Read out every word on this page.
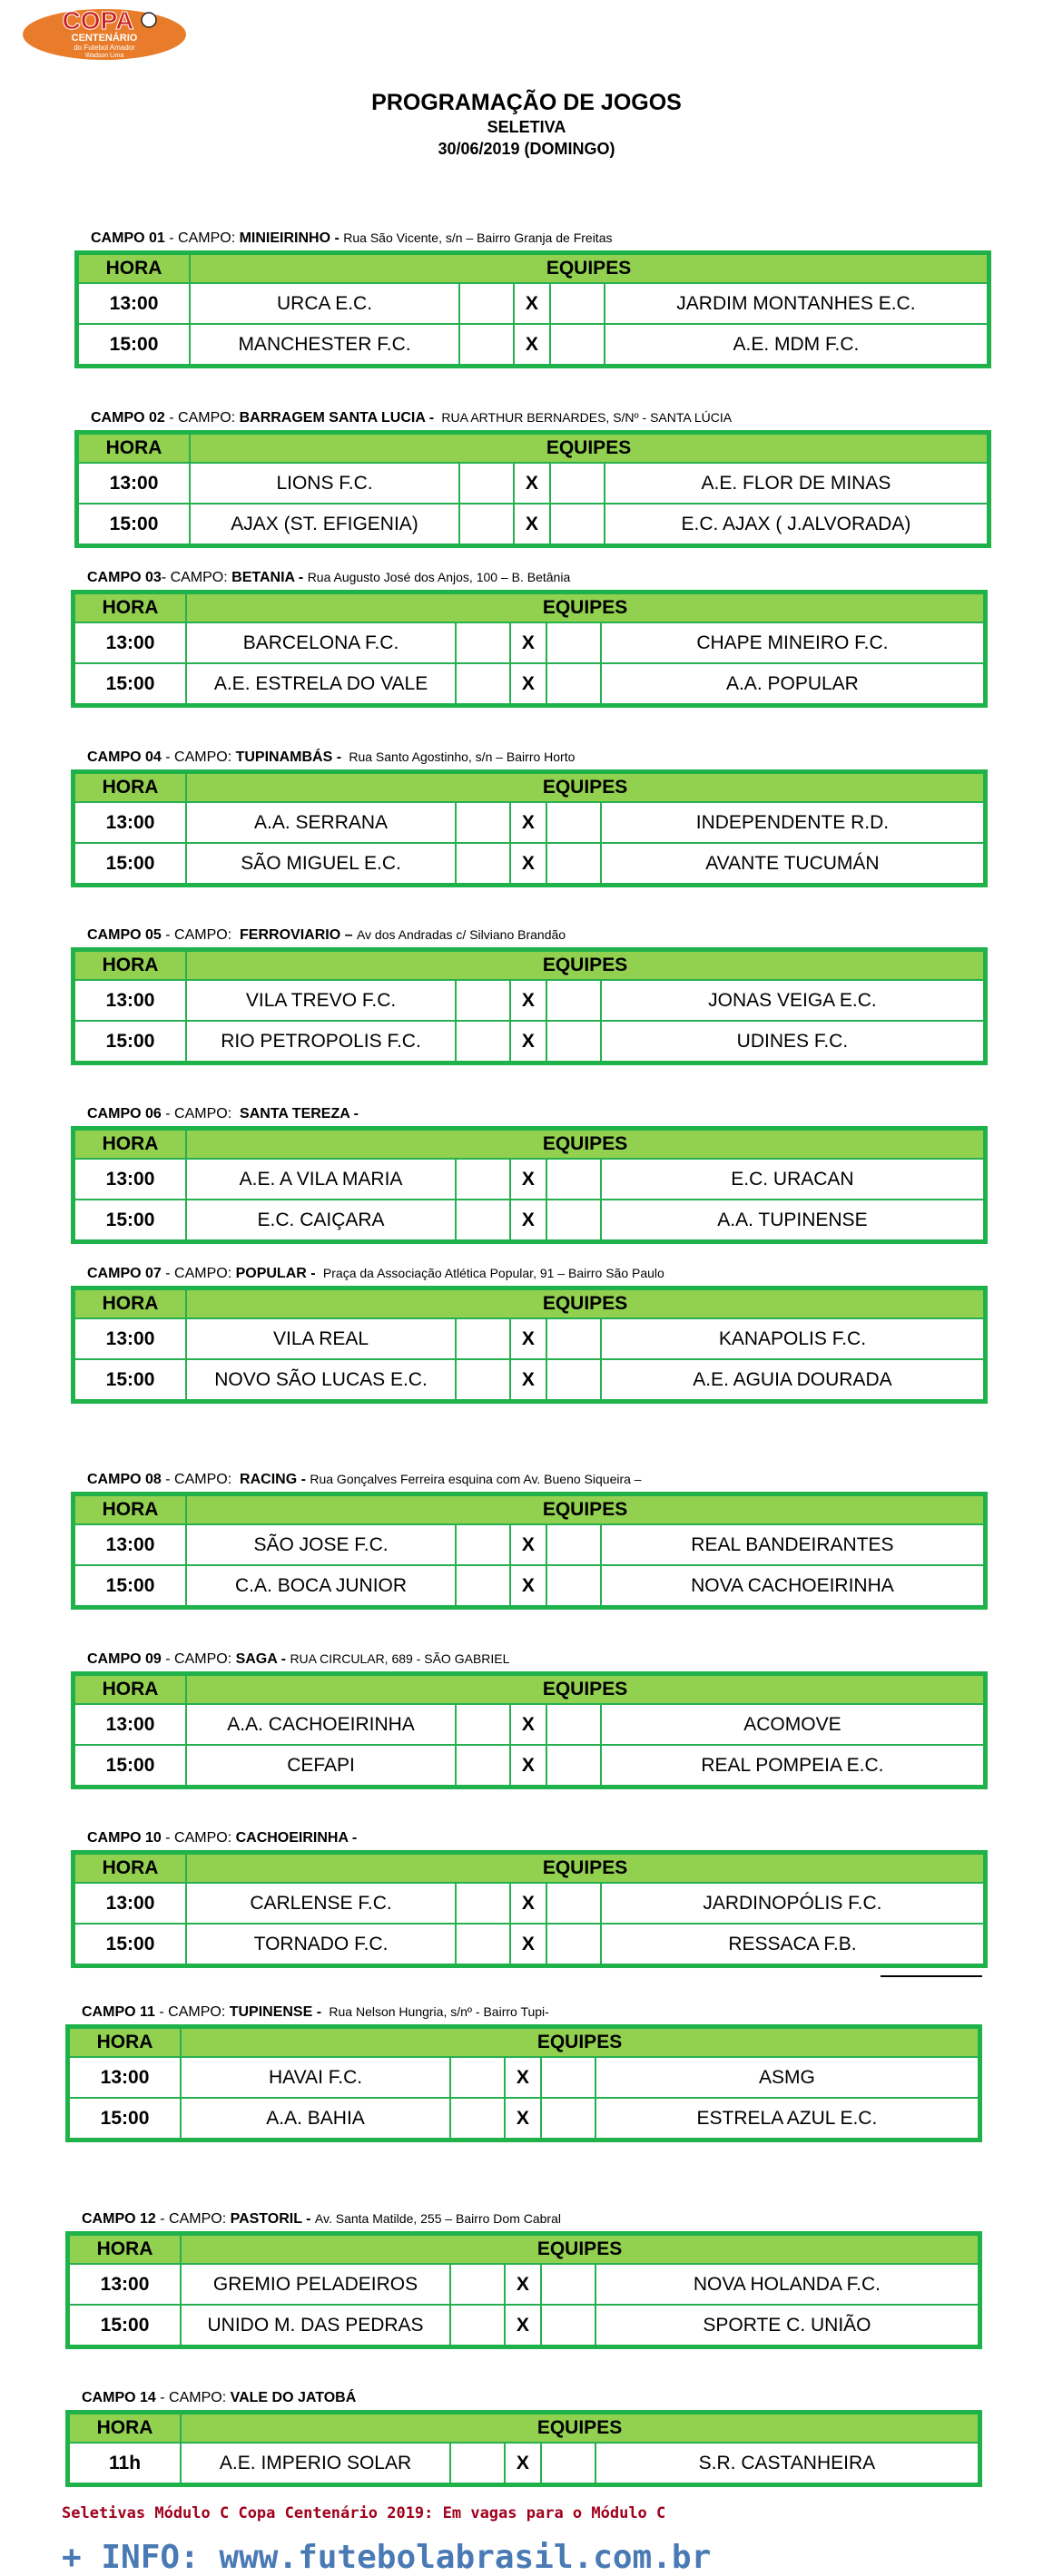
COPA
CENTENÁRIO
do Futebol Amador
Wadson Lima
PROGRAMAÇÃO DE JOGOS
SELETIVA
30/06/2019 (DOMINGO)
CAMPO 01 - CAMPO: MINIEIRINHO - Rua São Vicente, s/n – Bairro Granja de Freitas
HORA	EQUIPES				
13:00	URCA E.C.		X		JARDIM MONTANHES E.C.
15:00	MANCHESTER F.C.		X		A.E. MDM F.C.
CAMPO 02 - CAMPO: BARRAGEM SANTA LUCIA -  RUA ARTHUR BERNARDES, S/Nº - SANTA LÚCIA
HORA	EQUIPES				
13:00	LIONS F.C.		X		A.E. FLOR DE MINAS
15:00	AJAX (ST. EFIGENIA)		X		E.C. AJAX ( J.ALVORADA)
CAMPO 03- CAMPO: BETANIA - Rua Augusto José dos Anjos, 100 – B. Betânia
HORA	EQUIPES				
13:00	BARCELONA F.C.		X		CHAPE MINEIRO F.C.
15:00	A.E. ESTRELA DO VALE		X		A.A. POPULAR
CAMPO 04 - CAMPO: TUPINAMBÁS -  Rua Santo Agostinho, s/n – Bairro Horto
HORA	EQUIPES				
13:00	A.A. SERRANA		X		INDEPENDENTE R.D.
15:00	SÃO MIGUEL E.C.		X		AVANTE TUCUMÁN
CAMPO 05 - CAMPO:  FERROVIARIO – Av dos Andradas c/ Silviano Brandão
HORA	EQUIPES				
13:00	VILA TREVO F.C.		X		JONAS VEIGA E.C.
15:00	RIO PETROPOLIS F.C.		X		UDINES F.C.
CAMPO 06 - CAMPO:  SANTA TEREZA -
HORA	EQUIPES				
13:00	A.E. A VILA MARIA		X		E.C. URACAN
15:00	E.C. CAIÇARA		X		A.A. TUPINENSE
CAMPO 07 - CAMPO: POPULAR -  Praça da Associação Atlética Popular, 91 – Bairro São Paulo
HORA	EQUIPES				
13:00	VILA REAL		X		KANAPOLIS F.C.
15:00	NOVO SÃO LUCAS E.C.		X		A.E. AGUIA DOURADA
CAMPO 08 - CAMPO:  RACING - Rua Gonçalves Ferreira esquina com Av. Bueno Siqueira –
HORA	EQUIPES				
13:00	SÃO JOSE F.C.		X		REAL BANDEIRANTES
15:00	C.A. BOCA JUNIOR		X		NOVA CACHOEIRINHA
CAMPO 09 - CAMPO: SAGA - RUA CIRCULAR, 689 - SÃO GABRIEL
HORA	EQUIPES				
13:00	A.A. CACHOEIRINHA		X		ACOMOVE
15:00	CEFAPI		X		REAL POMPEIA E.C.
CAMPO 10 - CAMPO: CACHOEIRINHA -
HORA	EQUIPES				
13:00	CARLENSE F.C.		X		JARDINOPÓLIS F.C.
15:00	TORNADO F.C.		X		RESSACA F.B.
CAMPO 11 - CAMPO: TUPINENSE -  Rua Nelson Hungria, s/nº - Bairro Tupi-
HORA	EQUIPES				
13:00	HAVAI F.C.		X		ASMG
15:00	A.A. BAHIA		X		ESTRELA AZUL E.C.
CAMPO 12 - CAMPO: PASTORIL - Av. Santa Matilde, 255 – Bairro Dom Cabral
HORA	EQUIPES				
13:00	GREMIO PELADEIROS		X		NOVA HOLANDA F.C.
15:00	UNIDO M. DAS PEDRAS		X		SPORTE C. UNIÃO
CAMPO 14 - CAMPO: VALE DO JATOBÁ
HORA	EQUIPES				
11h	A.E. IMPERIO SOLAR		X		S.R. CASTANHEIRA
Seletivas Módulo C Copa Centenário 2019: Em vagas para o Módulo C
+ INFO: www.futebolabrasil.com.br
